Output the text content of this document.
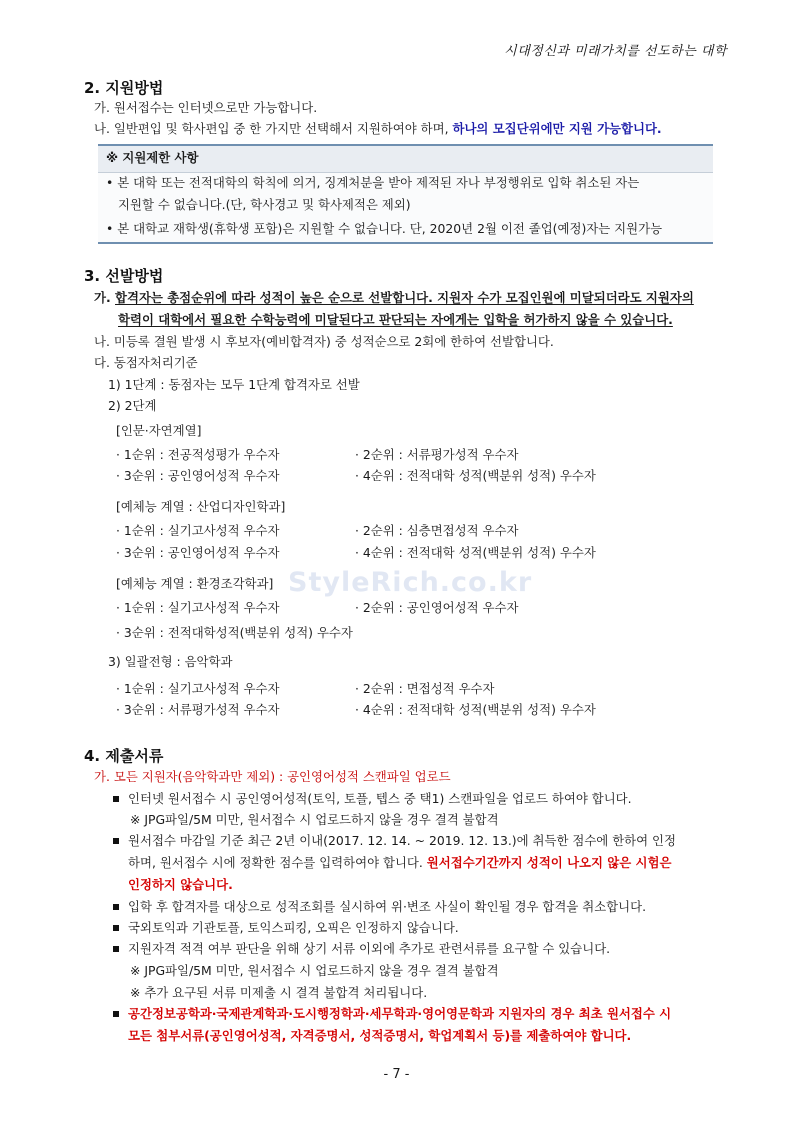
시대정신과 미래가치를 선도하는 대학
2. 지원방법
가. 원서접수는 인터넷으로만 가능합니다.
나. 일반편입 및 학사편입 중 한 가지만 선택해서 지원하여야 하며, 하나의 모집단위에만 지원 가능합니다.
※ 지원제한 사항
• 본 대학 또는 전적대학의 학칙에 의거, 징계처분을 받아 제적된 자나 부정행위로 입학 취소된 자는
지원할 수 없습니다.(단, 학사경고 및 학사제적은 제외)
• 본 대학교 재학생(휴학생 포함)은 지원할 수 없습니다. 단, 2020년 2월 이전 졸업(예정)자는 지원가능
3. 선발방법
가. 합격자는 총점순위에 따라 성적이 높은 순으로 선발합니다. 지원자 수가 모집인원에 미달되더라도 지원자의
학력이 대학에서 필요한 수학능력에 미달된다고 판단되는 자에게는 입학을 허가하지 않을 수 있습니다.
나. 미등록 결원 발생 시 후보자(예비합격자) 중 성적순으로 2회에 한하여 선발합니다.
다. 동점자처리기준
1) 1단계 : 동점자는 모두 1단계 합격자로 선발
2) 2단계
[인문·자연계열]
· 1순위 : 전공적성평가 우수자	· 2순위 : 서류평가성적 우수자
· 3순위 : 공인영어성적 우수자	· 4순위 : 전적대학 성적(백분위 성적) 우수자
[예체능 계열 : 산업디자인학과]
· 1순위 : 실기고사성적 우수자	· 2순위 : 심층면접성적 우수자
· 3순위 : 공인영어성적 우수자	· 4순위 : 전적대학 성적(백분위 성적) 우수자
[예체능 계열 : 환경조각학과]
· 1순위 : 실기고사성적 우수자	· 2순위 : 공인영어성적 우수자
· 3순위 : 전적대학성적(백분위 성적) 우수자
3) 일괄전형 : 음악학과
· 1순위 : 실기고사성적 우수자	· 2순위 : 면접성적 우수자
· 3순위 : 서류평가성적 우수자	· 4순위 : 전적대학 성적(백분위 성적) 우수자
4. 제출서류
가. 모든 지원자(음악학과만 제외) : 공인영어성적 스캔파일 업로드
인터넷 원서접수 시 공인영어성적(토익, 토플, 텝스 중 택1) 스캔파일을 업로드 하여야 합니다.
※ JPG파일/5M 미만, 원서접수 시 업로드하지 않을 경우 결격 불합격
원서접수 마감일 기준 최근 2년 이내(2017. 12. 14. ~ 2019. 12. 13.)에 취득한 점수에 한하여 인정
하며, 원서접수 시에 정확한 점수를 입력하여야 합니다. 원서접수기간까지 성적이 나오지 않은 시험은
인정하지 않습니다.
입학 후 합격자를 대상으로 성적조회를 실시하여 위·변조 사실이 확인될 경우 합격을 취소합니다.
국외토익과 기관토플, 토익스피킹, 오픽은 인정하지 않습니다.
지원자격 적격 여부 판단을 위해 상기 서류 이외에 추가로 관련서류를 요구할 수 있습니다.
※ JPG파일/5M 미만, 원서접수 시 업로드하지 않을 경우 결격 불합격
※ 추가 요구된 서류 미제출 시 결격 불합격 처리됩니다.
공간정보공학과·국제관계학과·도시행정학과·세무학과·영어영문학과 지원자의 경우 최초 원서접수 시
모든 첨부서류(공인영어성적, 자격증명서, 성적증명서, 학업계획서 등)를 제출하여야 합니다.
StyleRich.co.kr
- 7 -
